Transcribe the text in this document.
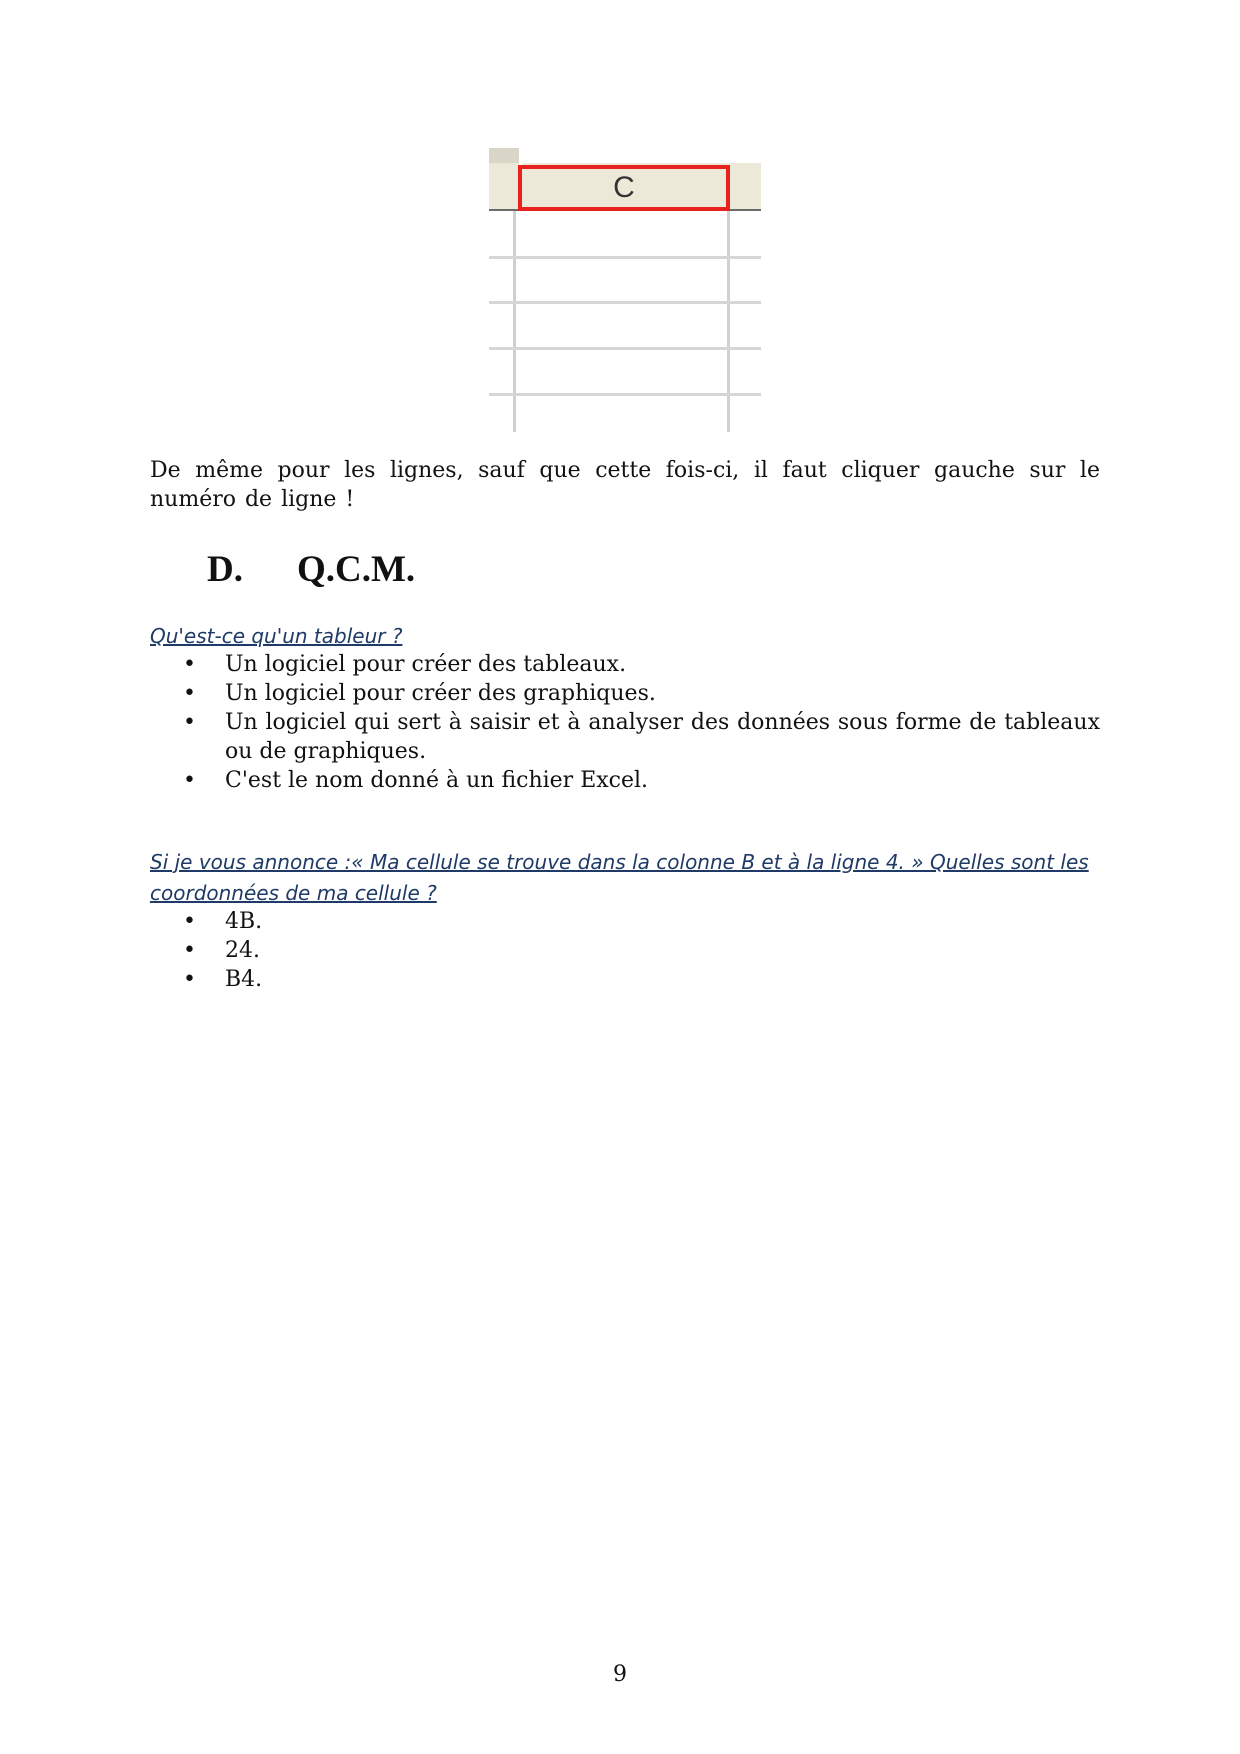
C
De même pour les lignes, sauf que cette fois-ci, il faut cliquer gauche sur le numéro de ligne !
D. Q.C.M.
Qu'est-ce qu'un tableur ?
• Un logiciel pour créer des tableaux.
• Un logiciel pour créer des graphiques.
• Un logiciel qui sert à saisir et à analyser des données sous forme de tableaux ou de graphiques.
• C'est le nom donné à un fichier Excel.
Si je vous annonce :« Ma cellule se trouve dans la colonne B et à la ligne 4. » Quelles sont les coordonnées de ma cellule ?
• 4B.
• 24.
• B4.
9
